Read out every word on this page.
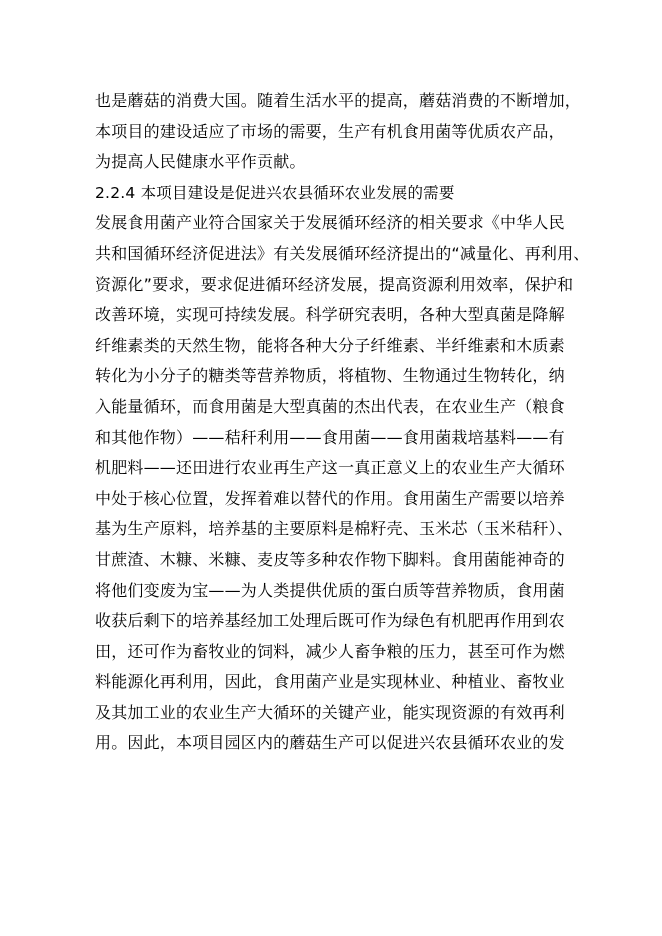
也是蘑菇的消费大国。随着生活水平的提高，蘑菇消费的不断增加，
本项目的建设适应了市场的需要，生产有机食用菌等优质农产品，
为提高人民健康水平作贡献。
2.2.4 本项目建设是促进兴农县循环农业发展的需要
发展食用菌产业符合国家关于发展循环经济的相关要求《中华人民
共和国循环经济促进法》有关发展循环经济提出的“减量化、再利用、
资源化”要求，要求促进循环经济发展，提高资源利用效率，保护和
改善环境，实现可持续发展。科学研究表明，各种大型真菌是降解
纤维素类的天然生物，能将各种大分子纤维素、半纤维素和木质素
转化为小分子的糖类等营养物质，将植物、生物通过生物转化，纳
入能量循环，而食用菌是大型真菌的杰出代表，在农业生产（粮食
和其他作物）——秸秆利用——食用菌——食用菌栽培基料——有
机肥料——还田进行农业再生产这一真正意义上的农业生产大循环
中处于核心位置，发挥着难以替代的作用。食用菌生产需要以培养
基为生产原料，培养基的主要原料是棉籽壳、玉米芯（玉米秸秆）、
甘蔗渣、木糠、米糠、麦皮等多种农作物下脚料。食用菌能神奇的
将他们变废为宝——为人类提供优质的蛋白质等营养物质，食用菌
收获后剩下的培养基经加工处理后既可作为绿色有机肥再作用到农
田，还可作为畜牧业的饲料，减少人畜争粮的压力，甚至可作为燃
料能源化再利用，因此，食用菌产业是实现林业、种植业、畜牧业
及其加工业的农业生产大循环的关键产业，能实现资源的有效再利
用。因此，本项目园区内的蘑菇生产可以促进兴农县循环农业的发
